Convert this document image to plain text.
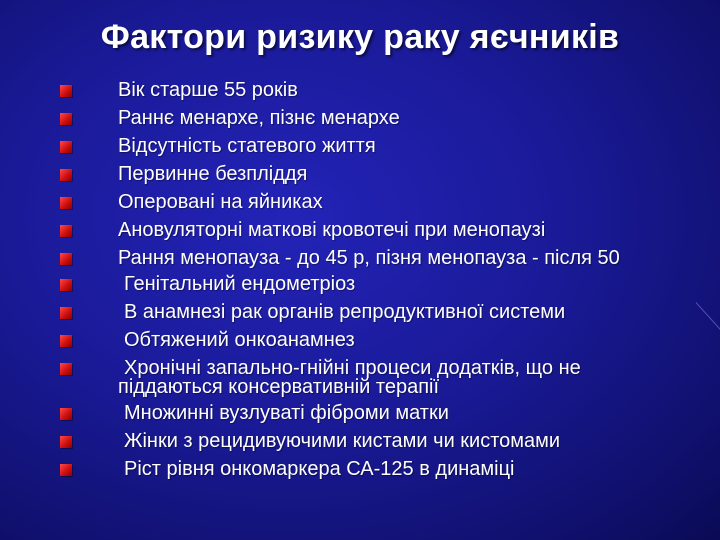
Фактори ризику раку яєчників
Вік старше 55 років
Раннє менархе, пізнє менархе
Відсутність статевого життя
Первинне безпліддя
Оперовані на яйниках
Ановуляторні маткові кровотечі при менопаузі
Рання менопауза - до 45 р, пізня менопауза - після 50
Генітальний ендометріоз
В анамнезі рак органів репродуктивної системи
Обтяжений онкоанамнез
Хронічні запально-гнійні процеси додатків, що не піддаються консервативній терапії
Множинні вузлуваті фіброми матки
Жінки з рецидивуючими кистами чи кистомами
Ріст рівня онкомаркера СА-125 в динаміці
